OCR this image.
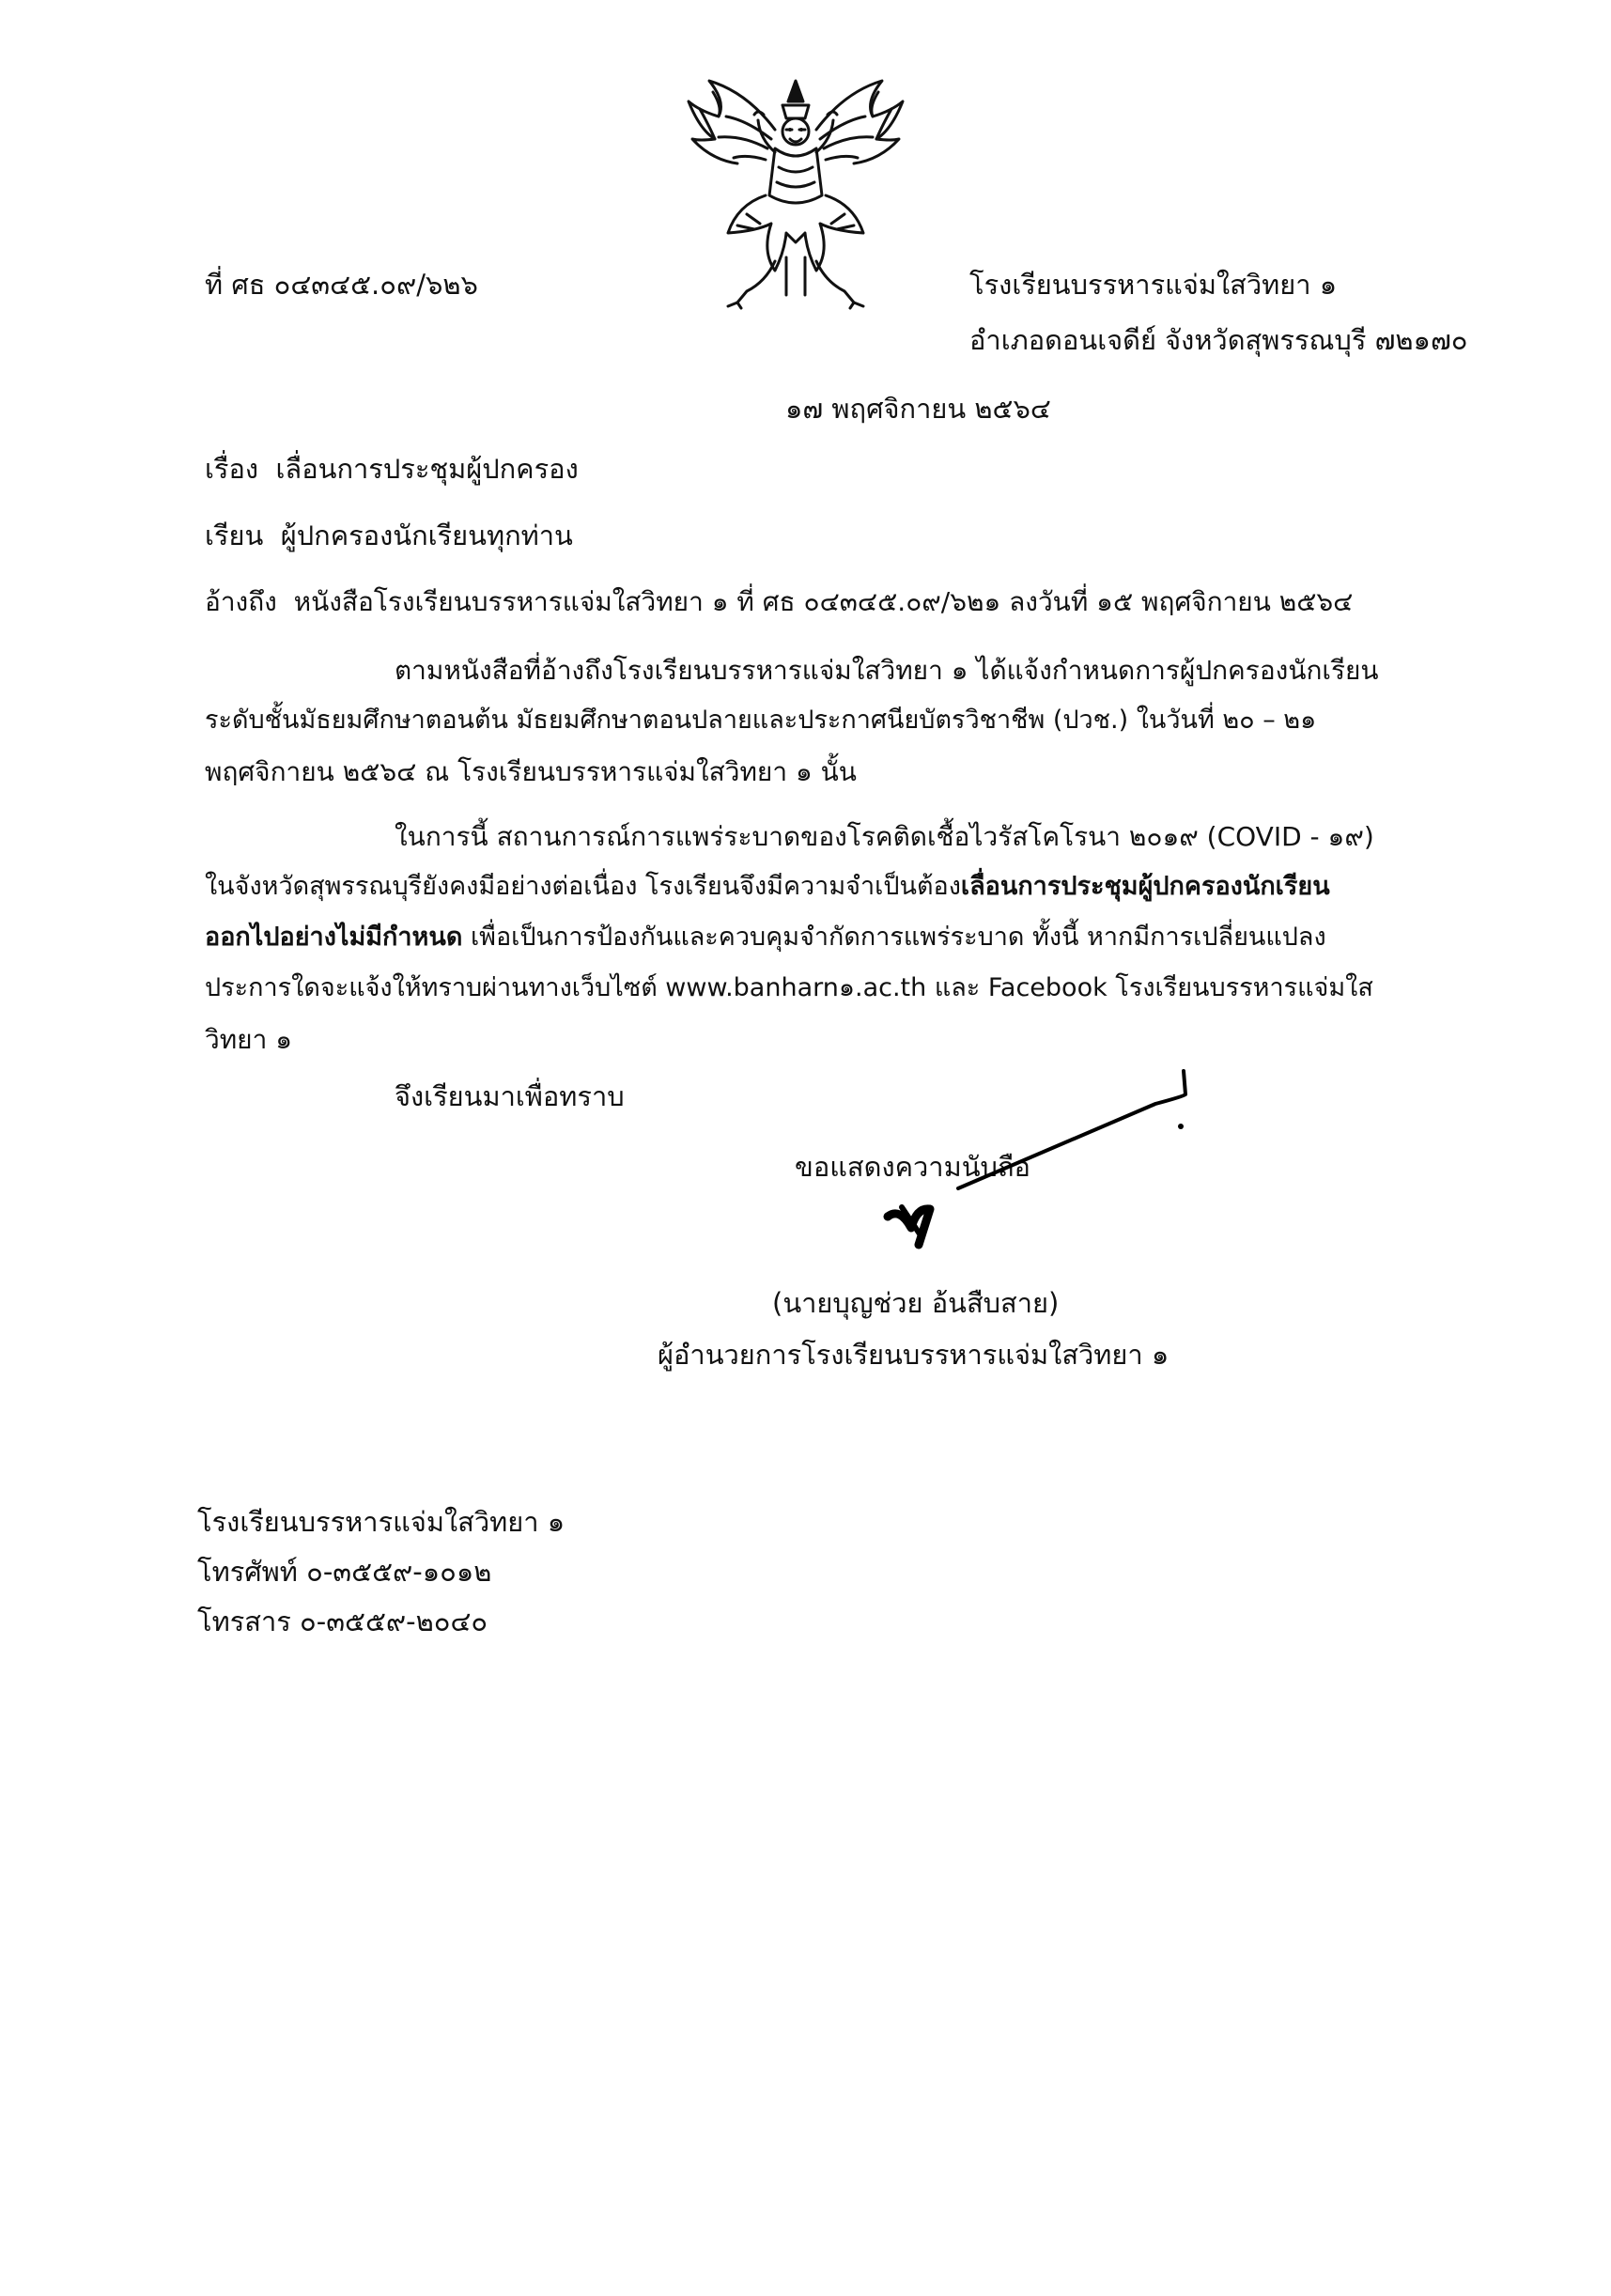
ที่ ศธ ๐๔๓๔๕.๐๙/๖๒๖	โรงเรียนบรรหารแจ่มใสวิทยา ๑
อำเภอดอนเจดีย์ จังหวัดสุพรรณบุรี ๗๒๑๗๐
๑๗ พฤศจิกายน ๒๕๖๔
เรื่อง เลื่อนการประชุมผู้ปกครอง
เรียน ผู้ปกครองนักเรียนทุกท่าน
อ้างถึง หนังสือโรงเรียนบรรหารแจ่มใสวิทยา ๑ ที่ ศธ ๐๔๓๔๕.๐๙/๖๒๑ ลงวันที่ ๑๕ พฤศจิกายน ๒๕๖๔
ตามหนังสือที่อ้างถึงโรงเรียนบรรหารแจ่มใสวิทยา ๑ ได้แจ้งกำหนดการผู้ปกครองนักเรียน
ระดับชั้นมัธยมศึกษาตอนต้น มัธยมศึกษาตอนปลายและประกาศนียบัตรวิชาชีพ (ปวช.) ในวันที่ ๒๐ – ๒๑
พฤศจิกายน ๒๕๖๔ ณ โรงเรียนบรรหารแจ่มใสวิทยา ๑ นั้น
ในการนี้ สถานการณ์การแพร่ระบาดของโรคติดเชื้อไวรัสโคโรนา ๒๐๑๙ (COVID - ๑๙)
ในจังหวัดสุพรรณบุรียังคงมีอย่างต่อเนื่อง โรงเรียนจึงมีความจำเป็นต้องเลื่อนการประชุมผู้ปกครองนักเรียน
ออกไปอย่างไม่มีกำหนด เพื่อเป็นการป้องกันและควบคุมจำกัดการแพร่ระบาด ทั้งนี้ หากมีการเปลี่ยนแปลง
ประการใดจะแจ้งให้ทราบผ่านทางเว็บไซต์ www.banharn๑.ac.th และ Facebook โรงเรียนบรรหารแจ่มใส
วิทยา ๑
จึงเรียนมาเพื่อทราบ
ขอแสดงความนับถือ
(นายบุญช่วย อ้นสืบสาย)
ผู้อำนวยการโรงเรียนบรรหารแจ่มใสวิทยา ๑
โรงเรียนบรรหารแจ่มใสวิทยา ๑
โทรศัพท์ ๐-๓๕๕๙-๑๐๑๒
โทรสาร ๐-๓๕๕๙-๒๐๔๐
